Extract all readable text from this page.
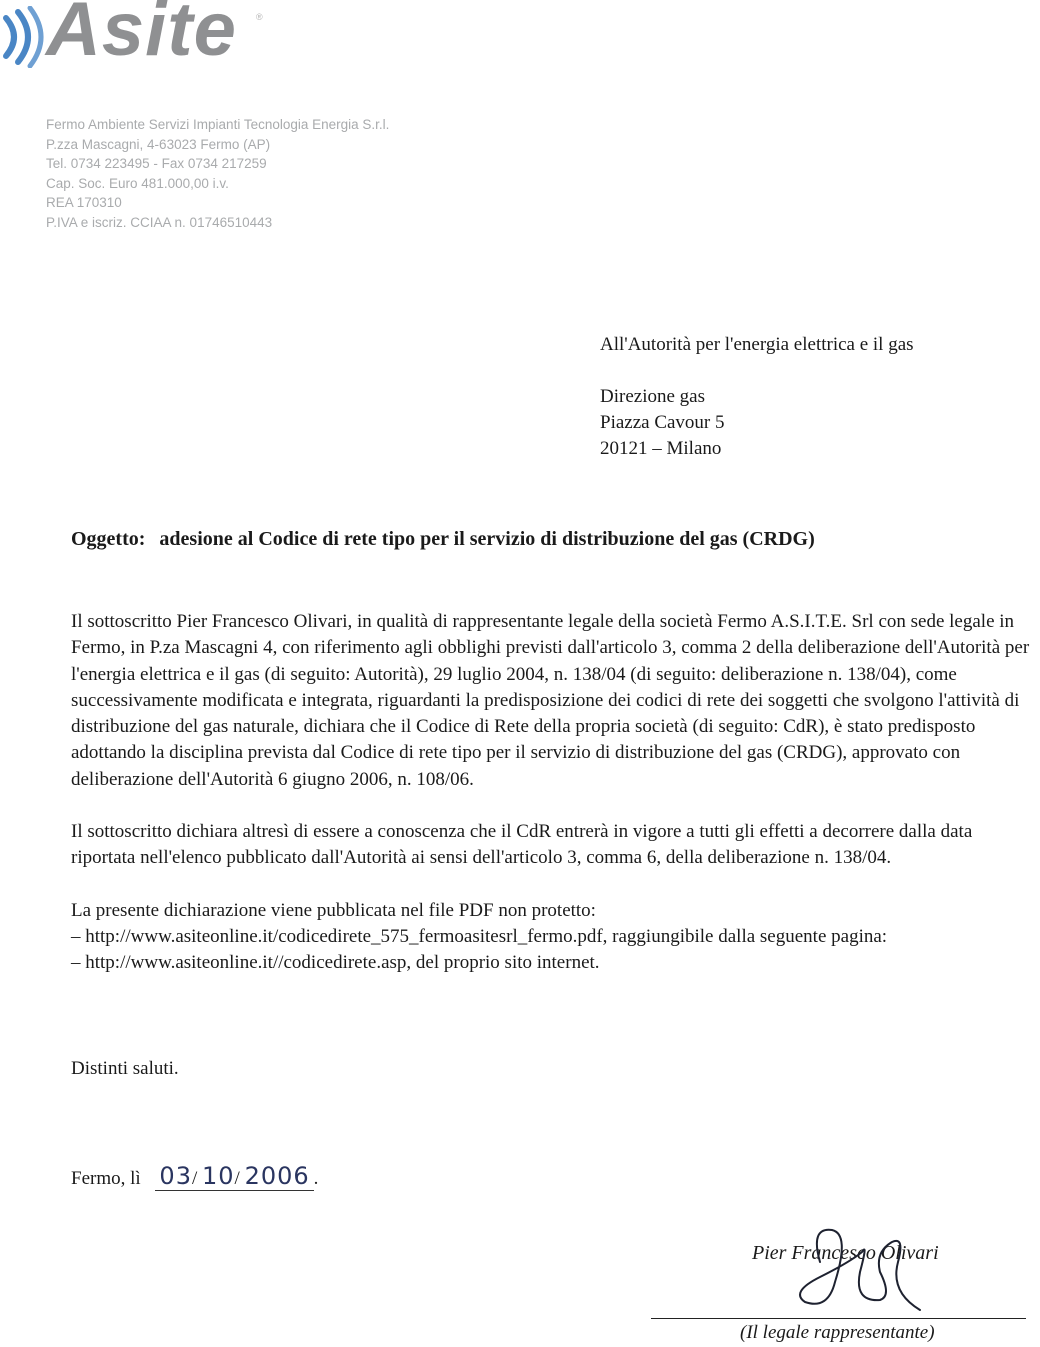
Asite ®
Fermo Ambiente Servizi Impianti Tecnologia Energia S.r.l.
P.zza Mascagni, 4-63023 Fermo (AP)
Tel. 0734 223495 - Fax 0734 217259
Cap. Soc. Euro 481.000,00 i.v.
REA 170310
P.IVA e iscriz. CCIAA n. 01746510443
All'Autorità per l'energia elettrica e il gas
Direzione gas
Piazza Cavour 5
20121 – Milano
Oggetto: adesione al Codice di rete tipo per il servizio di distribuzione del gas (CRDG)

Il sottoscritto Pier Francesco Olivari, in qualità di rappresentante legale della società Fermo A.S.I.T.E. Srl con sede legale in Fermo, in P.za Mascagni 4, con riferimento agli obblighi previsti dall'articolo 3, comma 2 della deliberazione dell'Autorità per l'energia elettrica e il gas (di seguito: Autorità), 29 luglio 2004, n. 138/04 (di seguito: deliberazione n. 138/04), come successivamente modificata e integrata, riguardanti la predisposizione dei codici di rete dei soggetti che svolgono l'attività di distribuzione del gas naturale, dichiara che il Codice di Rete della propria società (di seguito: CdR), è stato predisposto adottando la disciplina prevista dal Codice di rete tipo per il servizio di distribuzione del gas (CRDG), approvato con deliberazione dell'Autorità 6 giugno 2006, n. 108/06.

Il sottoscritto dichiara altresì di essere a conoscenza che il CdR entrerà in vigore a tutti gli effetti a decorrere dalla data riportata nell'elenco pubblicato dall'Autorità ai sensi dell'articolo 3, comma 6, della deliberazione n. 138/04.

La presente dichiarazione viene pubblicata nel file PDF non protetto:

– http://www.asiteonline.it/codicedirete_575_fermoasitesrl_fermo.pdf, raggiungibile dalla seguente pagina:
– http://www.asiteonline.it//codicedirete.asp, del proprio sito internet.
Distinti saluti.
Fermo, lì 03/ 10/ 2006 .
Pier Francesco Olivari
(Il legale rappresentante)
